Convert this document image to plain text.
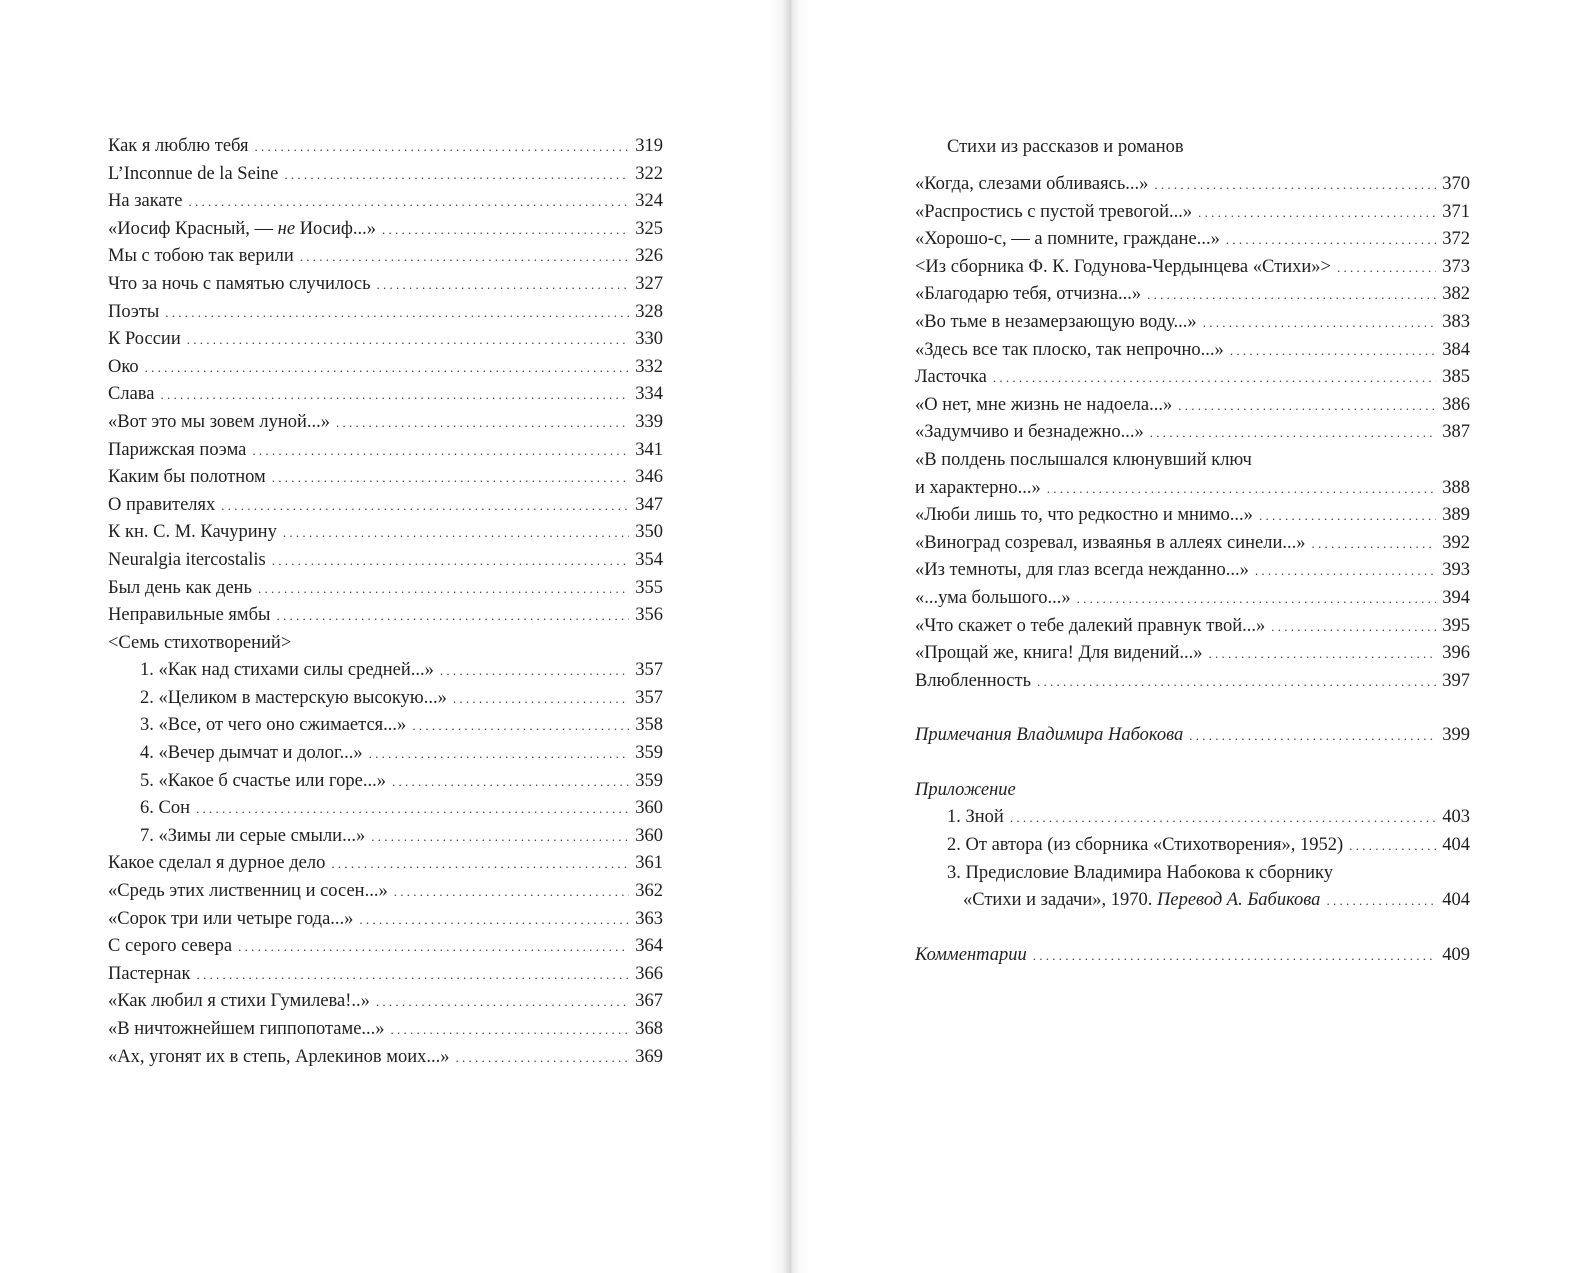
Как я люблю тебя . . .	319
L’Inconnue de la Seine . . .	322
На закате . . .	324
«Иосиф Красный, — не Иосиф...» . . .	325
Мы с тобою так верили . . .	326
Что за ночь с памятью случилось . . .	327
Поэты . . .	328
К России . . .	330
Око . . .	332
Слава . . .	334
«Вот это мы зовем луной...» . . .	339
Парижская поэма . . .	341
Каким бы полотном . . .	346
О правителях . . .	347
К кн. С. М. Качурину . . .	350
Neuralgia itercostalis . . .	354
Был день как день . . .	355
Неправильные ямбы . . .	356
<Семь стихотворений>
1. «Как над стихами силы средней...» . . .	357
2. «Целиком в мастерскую высокую...» . . .	357
3. «Все, от чего оно сжимается...» . . .	358
4. «Вечер дымчат и долог...» . . .	359
5. «Какое б счастье или горе...» . . .	359
6. Сон . . .	360
7. «Зимы ли серые смыли...» . . .	360
Какое сделал я дурное дело . . .	361
«Средь этих лиственниц и сосен...» . . .	362
«Сорок три или четыре года...» . . .	363
С серого севера . . .	364
Пастернак . . .	366
«Как любил я стихи Гумилева!..» . . .	367
«В ничтожнейшем гиппопотаме...» . . .	368
«Ах, угонят их в степь, Арлекинов моих...» . . .	369
Стихи из рассказов и романов
«Когда, слезами обливаясь...» . . .	370
«Распростись с пустой тревогой...» . . .	371
«Хорошо-с, — а помните, граждане...» . . .	372
<Из сборника Ф. К. Годунова-Чердынцева «Стихи»> . . .	373
«Благодарю тебя, отчизна...» . . .	382
«Во тьме в незамерзающую воду...» . . .	383
«Здесь все так плоско, так непрочно...» . . .	384
Ласточка . . .	385
«О нет, мне жизнь не надоела...» . . .	386
«Задумчиво и безнадежно...» . . .	387
«В полдень послышался клюнувший ключ
и характерно...» . . .	388
«Люби лишь то, что редкостно и мнимо...» . . .	389
«Виноград созревал, изваянья в аллеях синели...» . . .	392
«Из темноты, для глаз всегда нежданно...» . . .	393
«...ума большого...» . . .	394
«Что скажет о тебе далекий правнук твой...» . . .	395
«Прощай же, книга! Для видений...» . . .	396
Влюбленность . . .	397
Примечания Владимира Набокова . . .	399
Приложение
1. Зной . . .	403
2. От автора (из сборника «Стихотворения», 1952) . . .	404
3. Предисловие Владимира Набокова к сборнику
«Стихи и задачи», 1970. Перевод А. Бабикова . . .	404
Комментарии . . .	409
